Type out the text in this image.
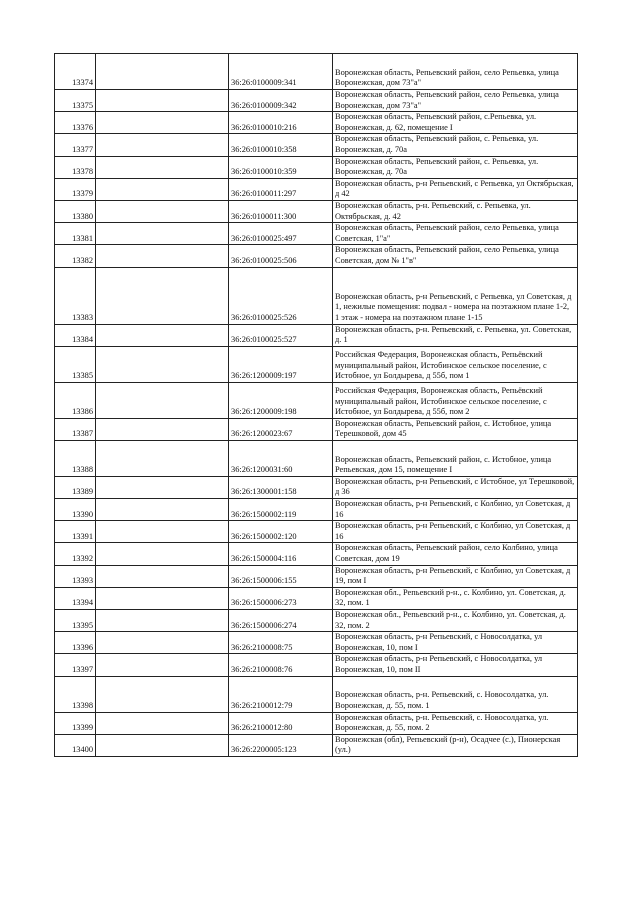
13374		36:26:0100009:341	Воронежская область, Репьевский район, село Репьевка, улица Воронежская, дом 73"а"
13375		36:26:0100009:342	Воронежская область, Репьевский район, село Репьевка, улица Воронежская, дом 73"а"
13376		36:26:0100010:216	Воронежская область, Репьевский район, с.Репьевка, ул. Воронежская, д. 62, помещение I
13377		36:26:0100010:358	Воронежская область, Репьевский район, с. Репьевка, ул. Воронежская, д. 70а
13378		36:26:0100010:359	Воронежская область, Репьевский район, с. Репьевка, ул. Воронежская, д. 70а
13379		36:26:0100011:297	Воронежская область, р-н Репьевский, с Репьевка, ул Октябрьская, д 42
13380		36:26:0100011:300	Воронежская область, р-н. Репьевский, с. Репьевка, ул. Октябрьская, д. 42
13381		36:26:0100025:497	Воронежская область, Репьевский район, село Репьевка, улица Советская, 1"а"
13382		36:26:0100025:506	Воронежская область, Репьевский район, село Репьевка, улица Советская, дом № 1"в"
13383		36:26:0100025:526	Воронежская область, р-н Репьевский, с Репьевка, ул Советская, д 1, нежилые помещения: подвал - номера на поэтажном плане 1-2, 1 этаж - номера на поэтажном плане 1-15
13384		36:26:0100025:527	Воронежская область, р-н. Репьевский, с. Репьевка, ул. Советская, д. 1
13385		36:26:1200009:197	Российская Федерация, Воронежская область, Репьёвский муниципальный район, Истобинское сельское поселение, с Истобное, ул Болдырева, д 55б, пом 1
13386		36:26:1200009:198	Российская Федерация, Воронежская область, Репьёвский муниципальный район, Истобинское сельское поселение, с Истобное, ул Болдырева, д 55б, пом 2
13387		36:26:1200023:67	Воронежская область, Репьевский район, с. Истобное, улица Терешковой, дом 45
13388		36:26:1200031:60	Воронежская область, Репьевский район, с. Истобное, улица Репьевская, дом 15, помещение I
13389		36:26:1300001:158	Воронежская область, р-н Репьевский, с Истобное, ул Терешковой, д 36
13390		36:26:1500002:119	Воронежская область, р-н Репьевский, с Колбино, ул Советская, д 16
13391		36:26:1500002:120	Воронежская область, р-н Репьевский, с Колбино, ул Советская, д 16
13392		36:26:1500004:116	Воронежская область, Репьевский район, село Колбино, улица Советская, дом 19
13393		36:26:1500006:155	Воронежская область, р-н Репьевский, с Колбино, ул Советская, д 19, пом I
13394		36:26:1500006:273	Воронежская обл., Репьевский р-н., с. Колбино, ул. Советская, д. 32, пом. 1
13395		36:26:1500006:274	Воронежская обл., Репьевский р-н., с. Колбино, ул. Советская, д. 32, пом. 2
13396		36:26:2100008:75	Воронежская область, р-н Репьевский, с Новосолдатка, ул Воронежская, 10, пом I
13397		36:26:2100008:76	Воронежская область, р-н Репьевский, с Новосолдатка, ул Воронежская, 10, пом II
13398		36:26:2100012:79	Воронежская область, р-н. Репьевский, с. Новосолдатка, ул. Воронежская, д. 55, пом. 1
13399		36:26:2100012:80	Воронежская область, р-н. Репьевский, с. Новосолдатка, ул. Воронежская, д. 55, пом. 2
13400		36:26:2200005:123	Воронежская (обл), Репьевский (р-н), Осадчее (с.), Пионерская (ул.)
